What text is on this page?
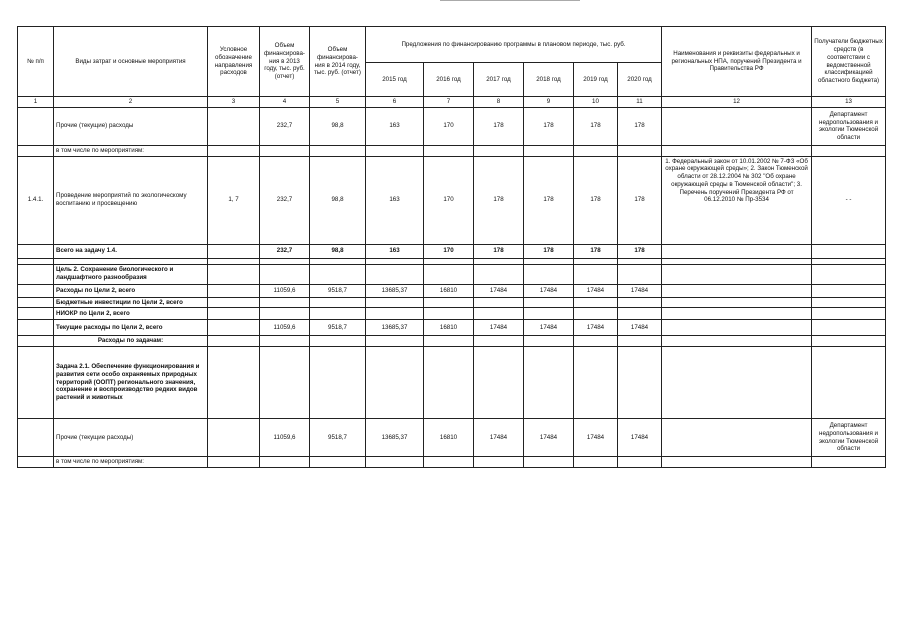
№ п/п	Виды затрат и основные мероприятия	Условное обозначение направления расходов	Объем финансирова-ния в 2013 году, тыс. руб. (отчет)	Объем финансирова-ния в 2014 году, тыс. руб. (отчет)	Предложения по финансированию программы в плановом периоде, тыс. руб.						Наименования и реквизиты федеральных и региональных НПА, поручений Президента и Правительства РФ	Получатели бюджетных средств (в соответствии с ведомственной классификацией областного бюджета)
					2015 год	2016 год	2017 год	2018 год	2019 год	2020 год		
1	2	3	4	5	6	7	8	9	10	11	12	13
	Прочие (текущие) расходы		232,7	98,8	163	170	178	178	178	178		Департамент недропользования и экологии Тюменской области
	в том числе по мероприятиям:											
1.4.1.	Проведение мероприятий по экологическому воспитанию и просвещению	1, 7	232,7	98,8	163	170	178	178	178	178	1. Федеральный закон от 10.01.2002 № 7-ФЗ «Об охране окружающей среды»; 2. Закон Тюменской области от 28.12.2004 № 302 "Об охране окружающей среды в Тюменской области"; 3. Перечень поручений Президента РФ от 06.12.2010 № Пр-3534	- -
	Всего на задачу 1.4.		232,7	98,8	163	170	178	178	178	178		

	Цель 2. Сохранение биологического и ландшафтного разнообразия											
	Расходы по Цели 2, всего		11059,6	9518,7	13685,37	16810	17484	17484	17484	17484		
	Бюджетные инвестиции по Цели 2, всего											
	НИОКР по Цели 2, всего											
	Текущие расходы по Цели 2, всего		11059,6	9518,7	13685,37	16810	17484	17484	17484	17484		
	Расходы по задачам:											
	Задача 2.1. Обеспечение функционирования и развития сети особо охраняемых природных территорий (ООПТ) регионального значения, сохранение и воспроизводство редких видов растений и животных											
	Прочие (текущие расходы)		11059,6	9518,7	13685,37	16810	17484	17484	17484	17484		Департамент недропользования и экологии Тюменской области
	в том числе по мероприятиям:											
